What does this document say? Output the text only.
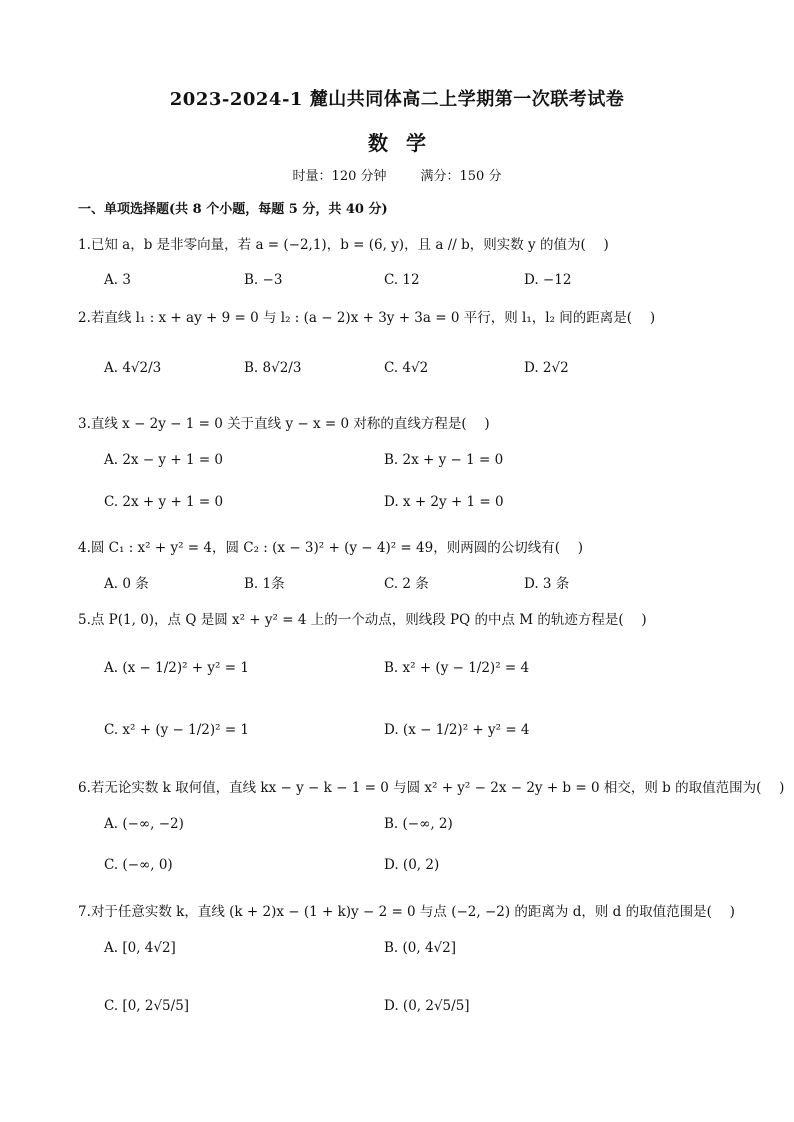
2023-2024-1 麓山共同体高二上学期第一次联考试卷
数学
时量：120 分钟	满分：150 分
一、单项选择题(共 8 个小题，每题 5 分，共 40 分)
1.已知 a，b 是非零向量，若 a = (−2,1)，b = (6, y)，且 a // b，则实数 y 的值为(　 )
A. 3	B. −3	C. 12	D. −12
2.若直线 l₁ : x + ay + 9 = 0 与 l₂ : (a − 2)x + 3y + 3a = 0 平行，则 l₁，l₂ 间的距离是(　 )
A. 4√2/3	B. 8√2/3	C. 4√2	D. 2√2
3.直线 x − 2y − 1 = 0 关于直线 y − x = 0 对称的直线方程是(　 )
A. 2x − y + 1 = 0	B. 2x + y − 1 = 0
C. 2x + y + 1 = 0	D. x + 2y + 1 = 0
4.圆 C₁ : x² + y² = 4，圆 C₂ : (x − 3)² + (y − 4)² = 49，则两圆的公切线有(　 )
A. 0 条	B. 1条	C. 2 条	D. 3 条
5.点 P(1, 0)，点 Q 是圆 x² + y² = 4 上的一个动点，则线段 PQ 的中点 M 的轨迹方程是(　 )
A. (x − 1/2)² + y² = 1	B. x² + (y − 1/2)² = 4
C. x² + (y − 1/2)² = 1	D. (x − 1/2)² + y² = 4
6.若无论实数 k 取何值，直线 kx − y − k − 1 = 0 与圆 x² + y² − 2x − 2y + b = 0 相交，则 b 的取值范围为(　 )
A. (−∞, −2)	B. (−∞, 2)
C. (−∞, 0)	D. (0, 2)
7.对于任意实数 k，直线 (k + 2)x − (1 + k)y − 2 = 0 与点 (−2, −2) 的距离为 d，则 d 的取值范围是(　 )
A. [0, 4√2]	B. (0, 4√2]
C. [0, 2√5/5]	D. (0, 2√5/5]
